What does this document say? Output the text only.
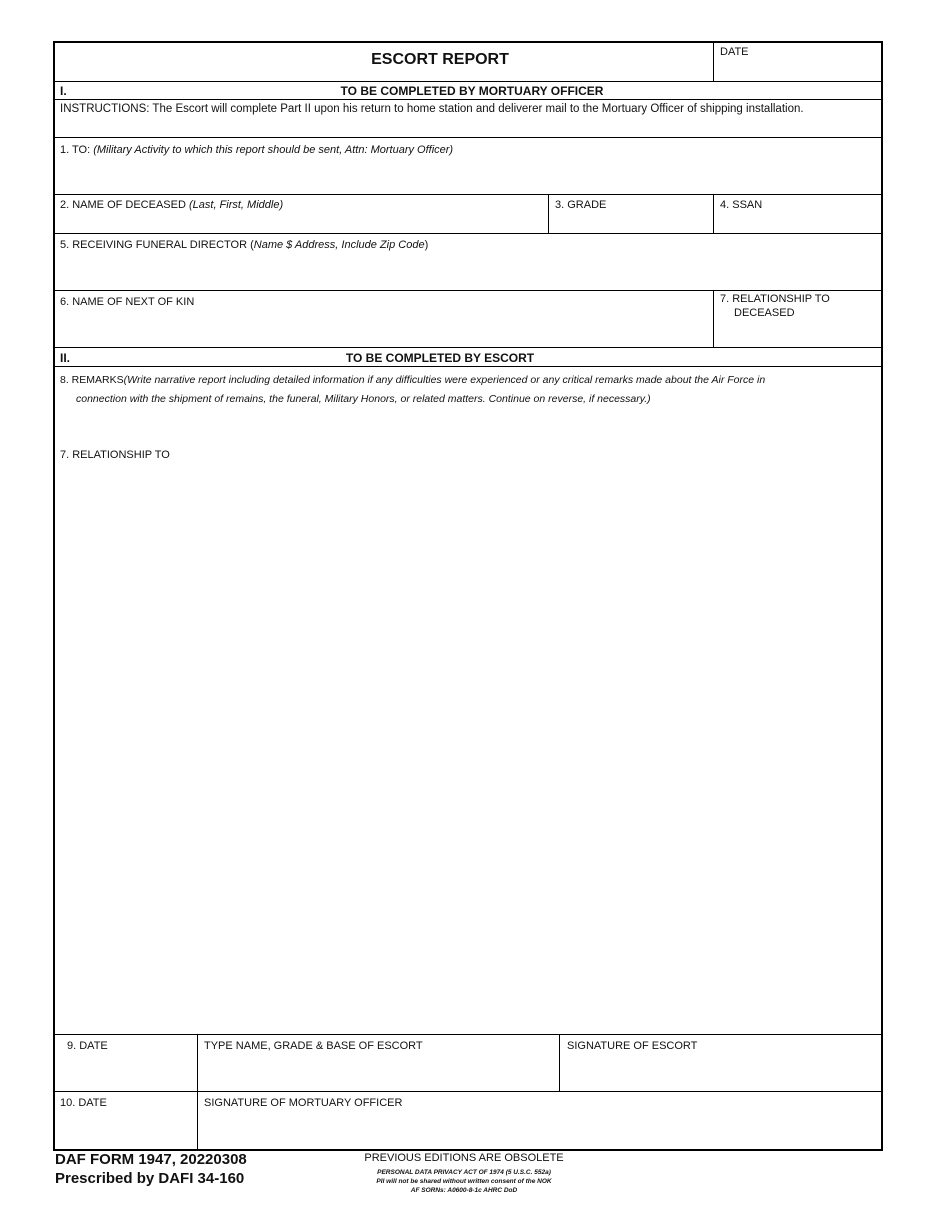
ESCORT REPORT	DATE
I.	TO BE COMPLETED BY MORTUARY OFFICER
INSTRUCTIONS: The Escort will complete Part II upon his return to home station and deliverer mail to the Mortuary Officer of shipping installation.
1. TO: (Military Activity to which this report should be sent, Attn: Mortuary Officer)
2. NAME OF DECEASED (Last, First, Middle)	3. GRADE	4. SSAN
5. RECEIVING FUNERAL DIRECTOR (Name $ Address, Include Zip Code)
6. NAME OF NEXT OF KIN	7. RELATIONSHIP TO
DECEASED
II.	TO BE COMPLETED BY ESCORT
8. REMARKS(Write narrative report including detailed information if any difficulties were experienced or any critical remarks made about the Air Force in
connection with the shipment of remains, the funeral, Military Honors, or related matters. Continue on reverse, if necessary.)
7. RELATIONSHIP TO
9. DATE	TYPE NAME, GRADE & BASE OF ESCORT	SIGNATURE OF ESCORT
10. DATE	SIGNATURE OF MORTUARY OFFICER
DAF FORM 1947, 20220308
Prescribed by DAFI 34-160
PREVIOUS EDITIONS ARE OBSOLETE
PERSONAL DATA PRIVACY ACT OF 1974 (5 U.S.C. 552a)
PII will not be shared without written consent of the NOK
AF SORNs: A0600-8-1c AHRC DoD
